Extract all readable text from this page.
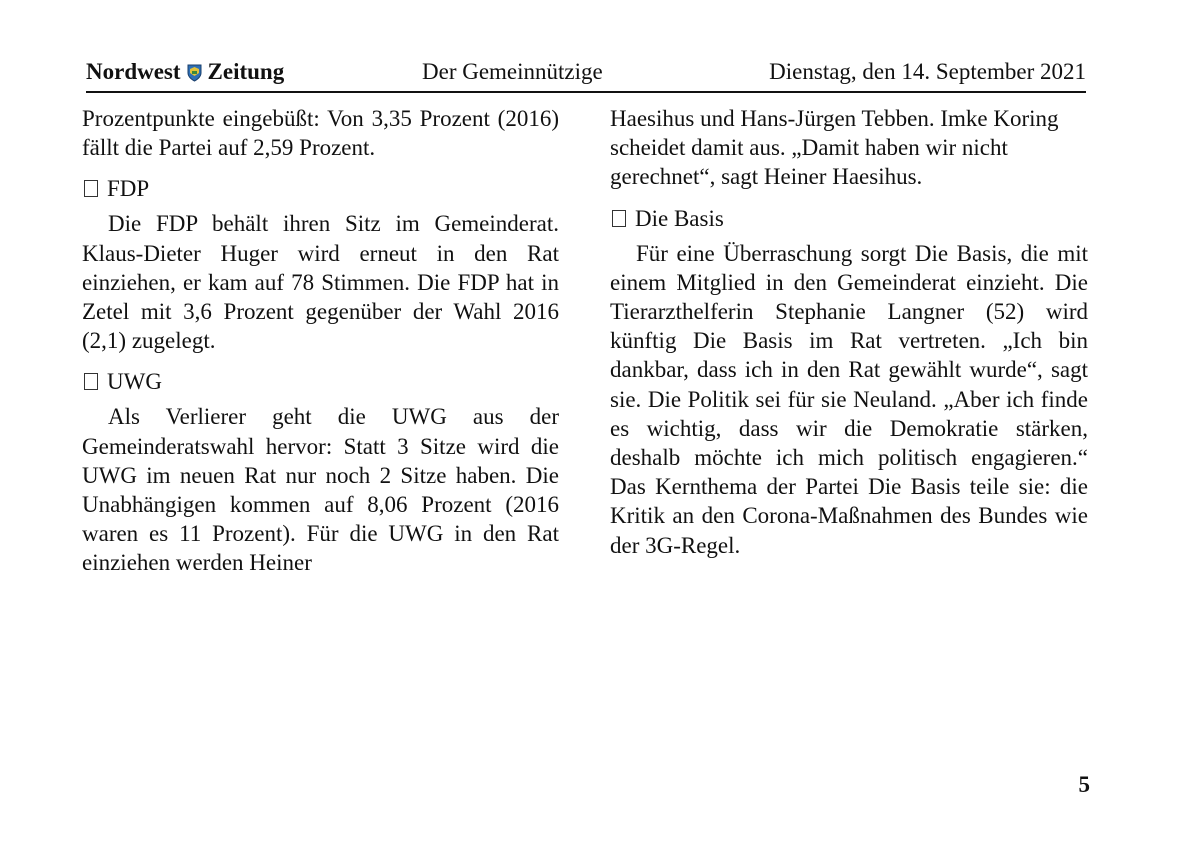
Nordwest Zeitung	Der Gemeinnützige	Dienstag, den 14. September 2021

Prozentpunkte eingebüßt: Von 3,35 Prozent (2016) fällt die Partei auf 2,59 Prozent.

FDP

Die FDP behält ihren Sitz im Gemeinderat. Klaus-Dieter Huger wird erneut in den Rat einziehen, er kam auf 78 Stimmen. Die FDP hat in Zetel mit 3,6 Prozent gegenüber der Wahl 2016 (2,1) zugelegt.

UWG

Als Verlierer geht die UWG aus der Gemeinderatswahl hervor: Statt 3 Sitze wird die UWG im neuen Rat nur noch 2 Sitze haben. Die Unabhängigen kommen auf 8,06 Prozent (2016 waren es 11 Prozent). Für die UWG in den Rat einziehen werden Heiner

Haesihus und Hans-Jürgen Tebben. Imke Koring scheidet damit aus. „Damit haben wir nicht gerechnet“, sagt Heiner Haesihus.

Die Basis

Für eine Überraschung sorgt Die Basis, die mit einem Mitglied in den Gemeinderat einzieht. Die Tierarzthelferin Stephanie Langner (52) wird künftig Die Basis im Rat vertreten. „Ich bin dankbar, dass ich in den Rat gewählt wurde“, sagt sie. Die Politik sei für sie Neuland. „Aber ich finde es wichtig, dass wir die Demokratie stärken, deshalb möchte ich mich politisch engagieren.“ Das Kernthema der Partei Die Basis teile sie: die Kritik an den Corona-Maßnahmen des Bundes wie der 3G-Regel.

5
